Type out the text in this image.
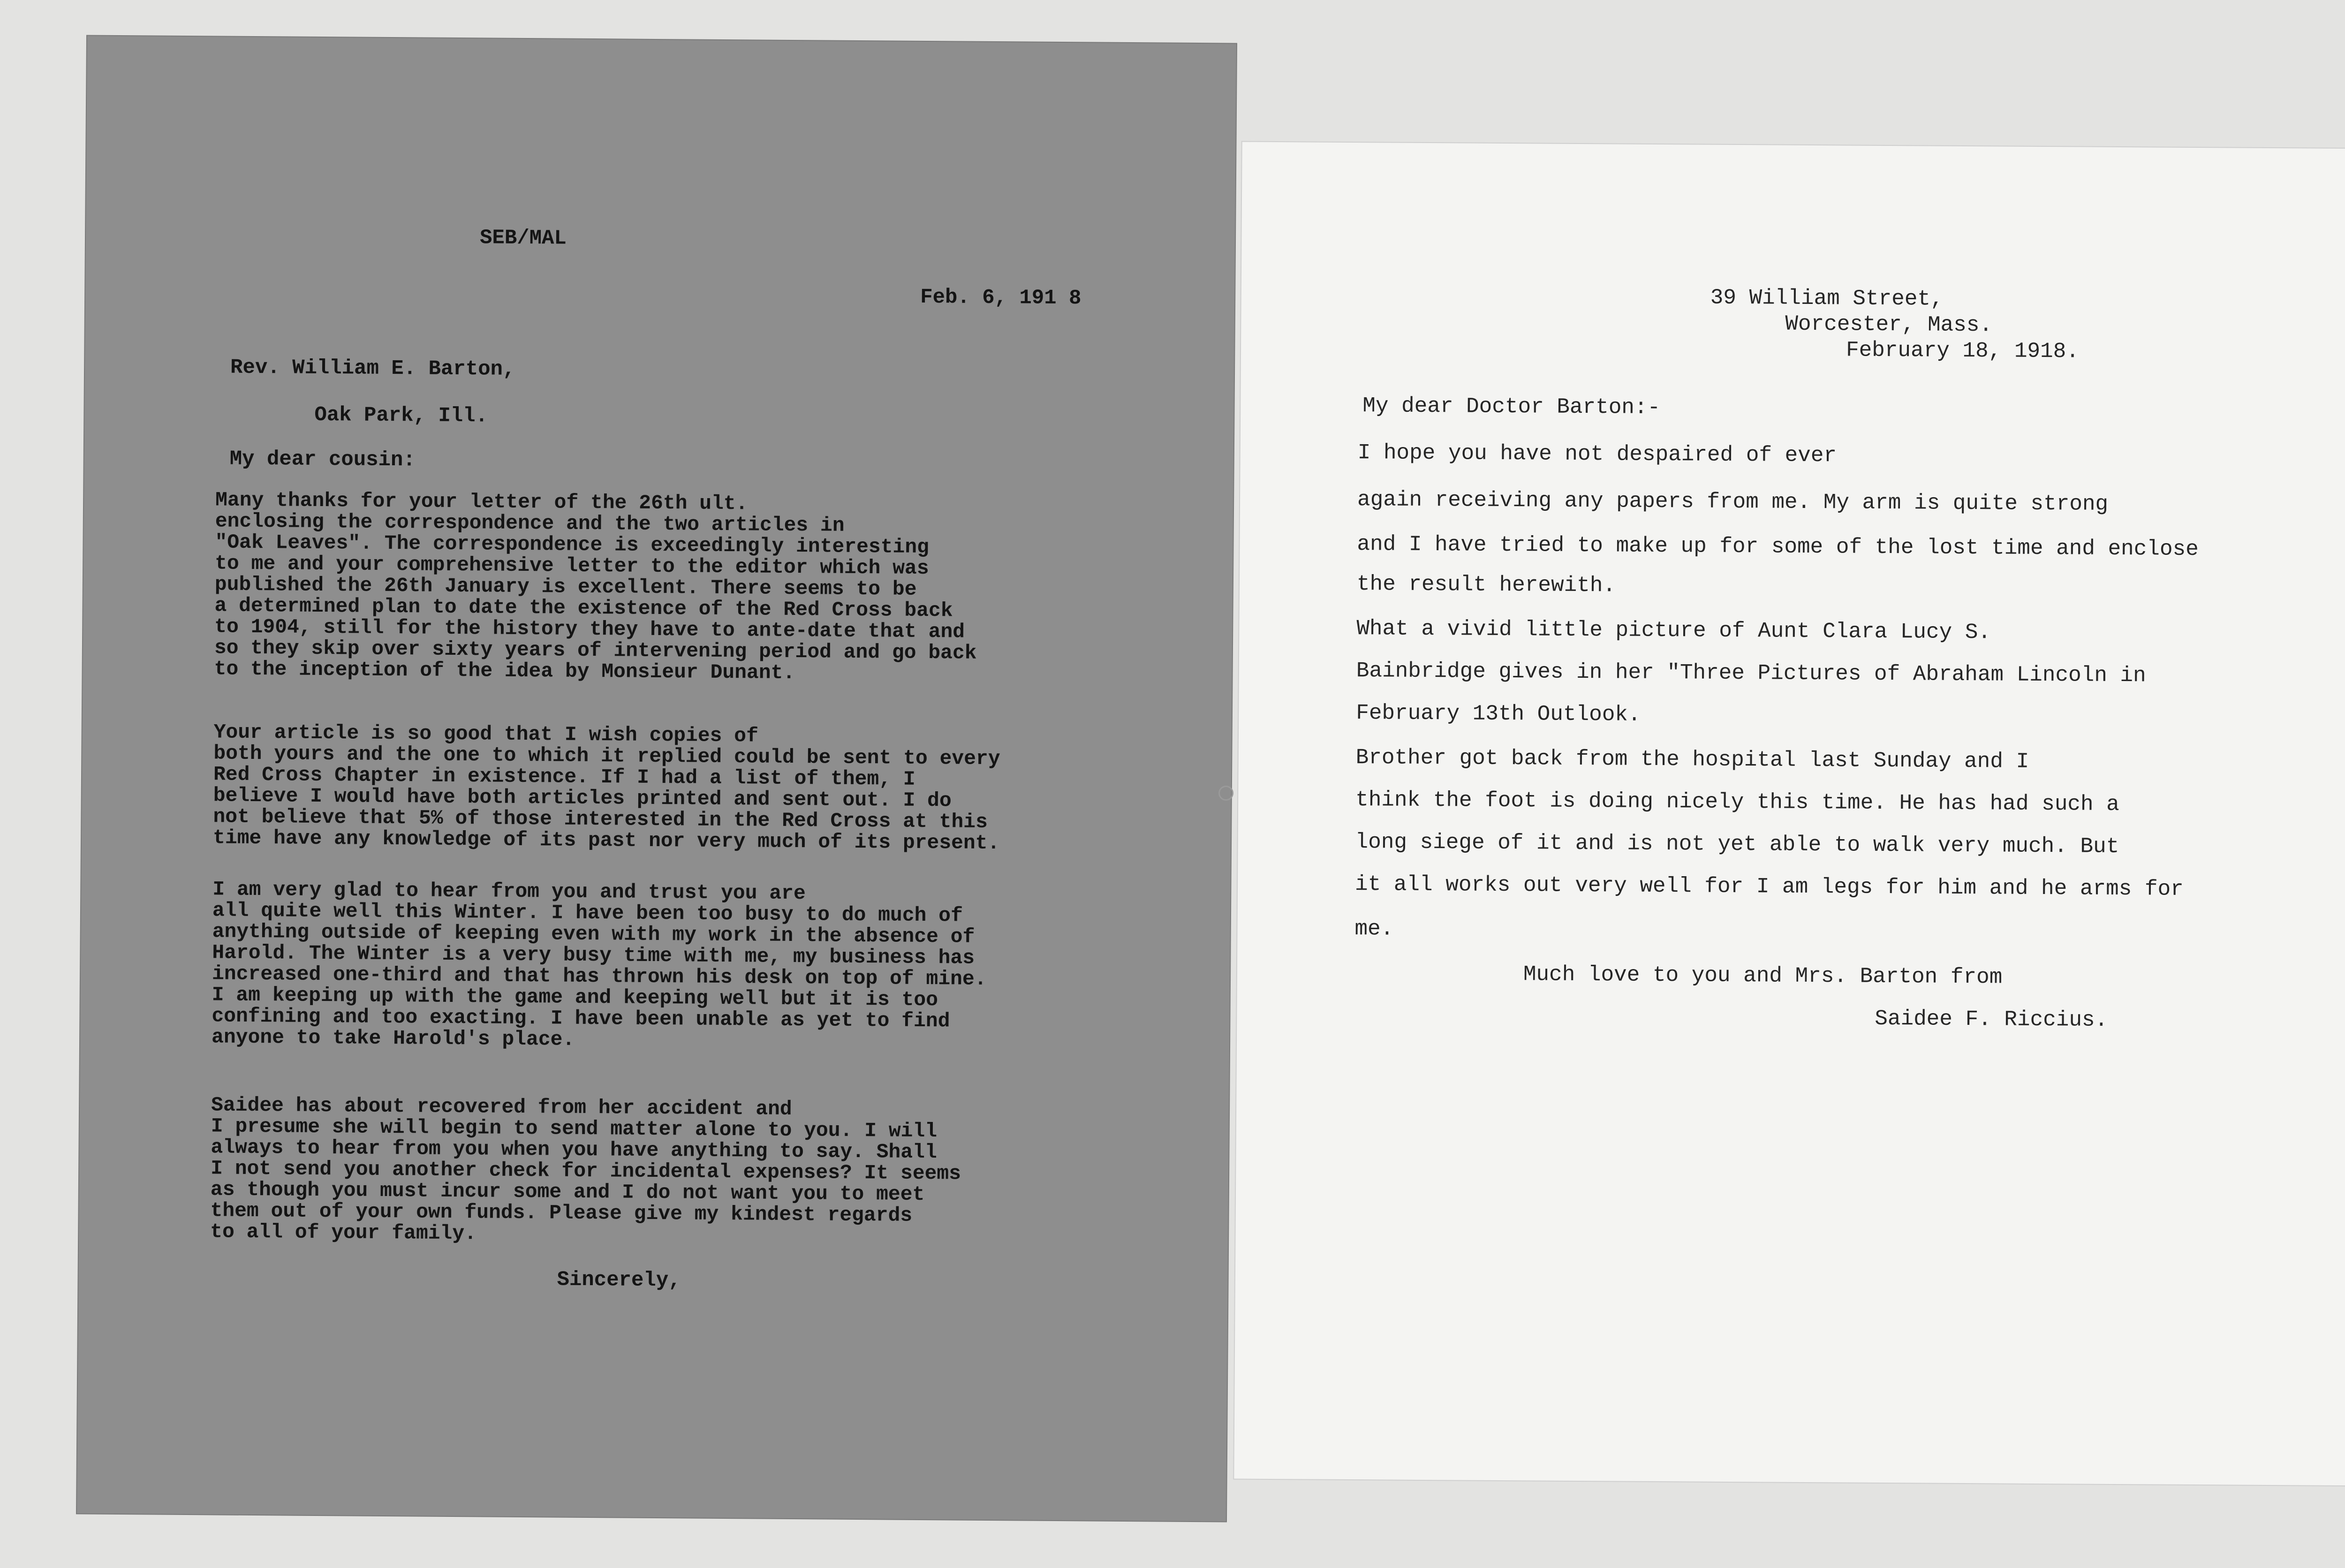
SEB/MAL
Feb. 6, 191 8
Rev. William E. Barton,
Oak Park, Ill.
My dear cousin:
Many thanks for your letter of the 26th ult.
enclosing the correspondence and the two articles in
"Oak Leaves". The correspondence is exceedingly interesting
to me and your comprehensive letter to the editor which was
published the 26th January is excellent. There seems to be
a determined plan to date the existence of the Red Cross back
to 1904, still for the history they have to ante-date that and
so they skip over sixty years of intervening period and go back
to the inception of the idea by Monsieur Dunant.
Your article is so good that I wish copies of
both yours and the one to which it replied could be sent to every
Red Cross Chapter in existence. If I had a list of them, I
believe I would have both articles printed and sent out. I do
not believe that 5% of those interested in the Red Cross at this
time have any knowledge of its past nor very much of its present.
I am very glad to hear from you and trust you are
all quite well this Winter. I have been too busy to do much of
anything outside of keeping even with my work in the absence of
Harold. The Winter is a very busy time with me, my business has
increased one-third and that has thrown his desk on top of mine.
I am keeping up with the game and keeping well but it is too
confining and too exacting. I have been unable as yet to find
anyone to take Harold's place.
Saidee has about recovered from her accident and
I presume she will begin to send matter alone to you. I will
always to hear from you when you have anything to say. Shall
I not send you another check for incidental expenses? It seems
as though you must incur some and I do not want you to meet
them out of your own funds. Please give my kindest regards
to all of your family.
Sincerely,
39 William Street,
Worcester, Mass.
February 18, 1918.
My dear Doctor Barton:-
I hope you have not despaired of ever
again receiving any papers from me. My arm is quite strong
and I have tried to make up for some of the lost time and enclose
the result herewith.
What a vivid little picture of Aunt Clara Lucy S.
Bainbridge gives in her "Three Pictures of Abraham Lincoln in
February 13th Outlook.
Brother got back from the hospital last Sunday and I
think the foot is doing nicely this time. He has had such a
long siege of it and is not yet able to walk very much. But
it all works out very well for I am legs for him and he arms for
me.
Much love to you and Mrs. Barton from
Saidee F. Riccius.
